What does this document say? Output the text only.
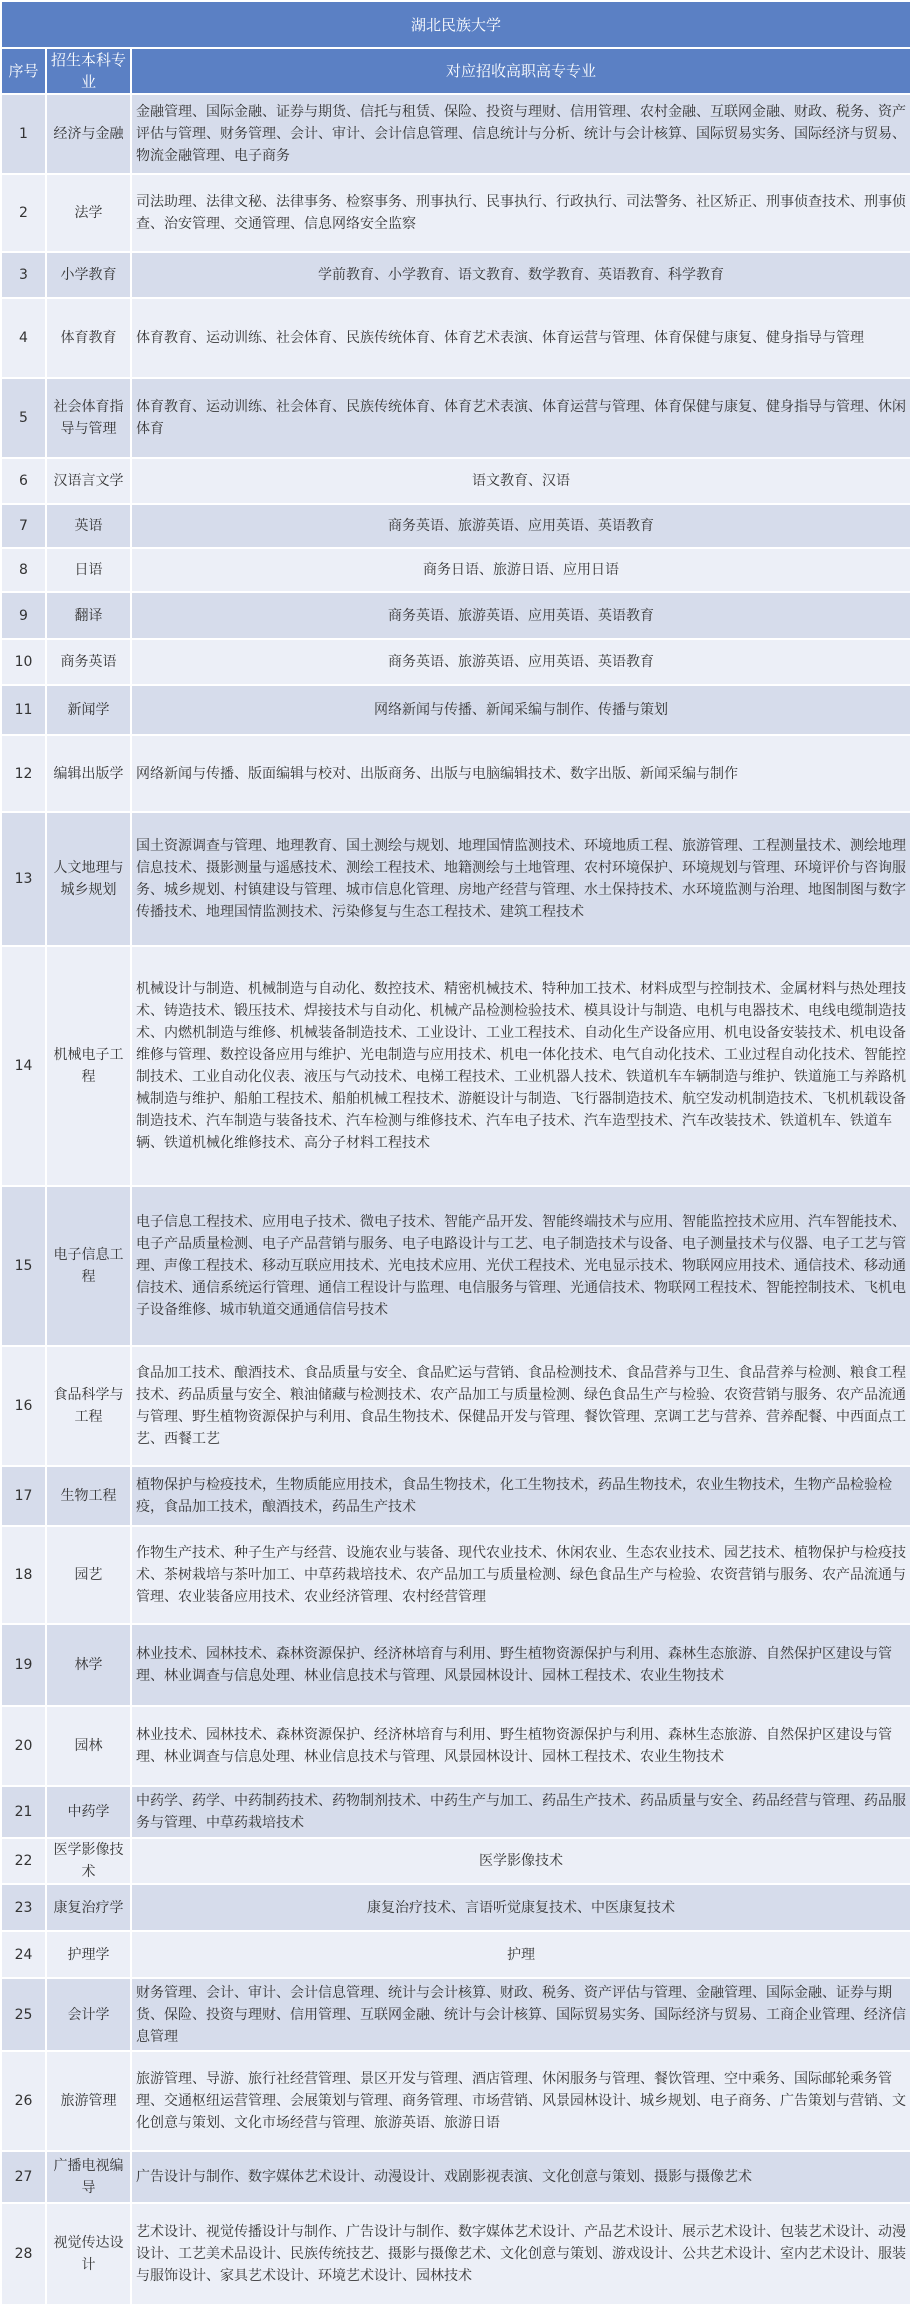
湖北民族大学		
序号	招生本科专业	对应招收高职高专专业
1	经济与金融	金融管理、国际金融、证券与期货、信托与租赁、保险、投资与理财、信用管理、农村金融、互联网金融、财政、税务、资产评估与管理、财务管理、会计、审计、会计信息管理、信息统计与分析、统计与会计核算、国际贸易实务、国际经济与贸易、物流金融管理、电子商务
2	法学	司法助理、法律文秘、法律事务、检察事务、刑事执行、民事执行、行政执行、司法警务、社区矫正、刑事侦查技术、刑事侦查、治安管理、交通管理、信息网络安全监察
3	小学教育	学前教育、小学教育、语文教育、数学教育、英语教育、科学教育
4	体育教育	体育教育、运动训练、社会体育、民族传统体育、体育艺术表演、体育运营与管理、体育保健与康复、健身指导与管理
5	社会体育指导与管理	体育教育、运动训练、社会体育、民族传统体育、体育艺术表演、体育运营与管理、体育保健与康复、健身指导与管理、休闲体育
6	汉语言文学	语文教育、汉语
7	英语	商务英语、旅游英语、应用英语、英语教育
8	日语	商务日语、旅游日语、应用日语
9	翻译	商务英语、旅游英语、应用英语、英语教育
10	商务英语	商务英语、旅游英语、应用英语、英语教育
11	新闻学	网络新闻与传播、新闻采编与制作、传播与策划
12	编辑出版学	网络新闻与传播、版面编辑与校对、出版商务、出版与电脑编辑技术、数字出版、新闻采编与制作
13	人文地理与城乡规划	国土资源调查与管理、地理教育、国土测绘与规划、地理国情监测技术、环境地质工程、旅游管理、工程测量技术、测绘地理信息技术、摄影测量与遥感技术、测绘工程技术、地籍测绘与土地管理、农村环境保护、环境规划与管理、环境评价与咨询服务、城乡规划、村镇建设与管理、城市信息化管理、房地产经营与管理、水土保持技术、水环境监测与治理、地图制图与数字传播技术、地理国情监测技术、污染修复与生态工程技术、建筑工程技术
14	机械电子工程	机械设计与制造、机械制造与自动化、数控技术、精密机械技术、特种加工技术、材料成型与控制技术、金属材料与热处理技术、铸造技术、锻压技术、焊接技术与自动化、机械产品检测检验技术、模具设计与制造、电机与电器技术、电线电缆制造技术、内燃机制造与维修、机械装备制造技术、工业设计、工业工程技术、自动化生产设备应用、机电设备安装技术、机电设备维修与管理、数控设备应用与维护、光电制造与应用技术、机电一体化技术、电气自动化技术、工业过程自动化技术、智能控制技术、工业自动化仪表、液压与气动技术、电梯工程技术、工业机器人技术、铁道机车车辆制造与维护、铁道施工与养路机械制造与维护、船舶工程技术、船舶机械工程技术、游艇设计与制造、飞行器制造技术、航空发动机制造技术、飞机机载设备制造技术、汽车制造与装备技术、汽车检测与维修技术、汽车电子技术、汽车造型技术、汽车改装技术、铁道机车、铁道车辆、铁道机械化维修技术、高分子材料工程技术
15	电子信息工程	电子信息工程技术、应用电子技术、微电子技术、智能产品开发、智能终端技术与应用、智能监控技术应用、汽车智能技术、电子产品质量检测、电子产品营销与服务、电子电路设计与工艺、电子制造技术与设备、电子测量技术与仪器、电子工艺与管理、声像工程技术、移动互联应用技术、光电技术应用、光伏工程技术、光电显示技术、物联网应用技术、通信技术、移动通信技术、通信系统运行管理、通信工程设计与监理、电信服务与管理、光通信技术、物联网工程技术、智能控制技术、飞机电子设备维修、城市轨道交通通信信号技术
16	食品科学与工程	食品加工技术、酿酒技术、食品质量与安全、食品贮运与营销、食品检测技术、食品营养与卫生、食品营养与检测、粮食工程技术、药品质量与安全、粮油储藏与检测技术、农产品加工与质量检测、绿色食品生产与检验、农资营销与服务、农产品流通与管理、野生植物资源保护与利用、食品生物技术、保健品开发与管理、餐饮管理、烹调工艺与营养、营养配餐、中西面点工艺、西餐工艺
17	生物工程	植物保护与检疫技术，生物质能应用技术，食品生物技术，化工生物技术，药品生物技术，农业生物技术，生物产品检验检疫，食品加工技术，酿酒技术，药品生产技术
18	园艺	作物生产技术、种子生产与经营、设施农业与装备、现代农业技术、休闲农业、生态农业技术、园艺技术、植物保护与检疫技术、茶树栽培与茶叶加工、中草药栽培技术、农产品加工与质量检测、绿色食品生产与检验、农资营销与服务、农产品流通与管理、农业装备应用技术、农业经济管理、农村经营管理
19	林学	林业技术、园林技术、森林资源保护、经济林培育与利用、野生植物资源保护与利用、森林生态旅游、自然保护区建设与管理、林业调查与信息处理、林业信息技术与管理、风景园林设计、园林工程技术、农业生物技术
20	园林	林业技术、园林技术、森林资源保护、经济林培育与利用、野生植物资源保护与利用、森林生态旅游、自然保护区建设与管理、林业调查与信息处理、林业信息技术与管理、风景园林设计、园林工程技术、农业生物技术
21	中药学	中药学、药学、中药制药技术、药物制剂技术、中药生产与加工、药品生产技术、药品质量与安全、药品经营与管理、药品服务与管理、中草药栽培技术
22	医学影像技术	医学影像技术
23	康复治疗学	康复治疗技术、言语听觉康复技术、中医康复技术
24	护理学	护理
25	会计学	财务管理、会计、审计、会计信息管理、统计与会计核算、财政、税务、资产评估与管理、金融管理、国际金融、证券与期货、保险、投资与理财、信用管理、互联网金融、统计与会计核算、国际贸易实务、国际经济与贸易、工商企业管理、经济信息管理
26	旅游管理	旅游管理、导游、旅行社经营管理、景区开发与管理、酒店管理、休闲服务与管理、餐饮管理、空中乘务、国际邮轮乘务管理、交通枢纽运营管理、会展策划与管理、商务管理、市场营销、风景园林设计、城乡规划、电子商务、广告策划与营销、文化创意与策划、文化市场经营与管理、旅游英语、旅游日语
27	广播电视编导	广告设计与制作、数字媒体艺术设计、动漫设计、戏剧影视表演、文化创意与策划、摄影与摄像艺术
28	视觉传达设计	艺术设计、视觉传播设计与制作、广告设计与制作、数字媒体艺术设计、产品艺术设计、展示艺术设计、包装艺术设计、动漫设计、工艺美术品设计、民族传统技艺、摄影与摄像艺术、文化创意与策划、游戏设计、公共艺术设计、室内艺术设计、服装与服饰设计、家具艺术设计、环境艺术设计、园林技术
